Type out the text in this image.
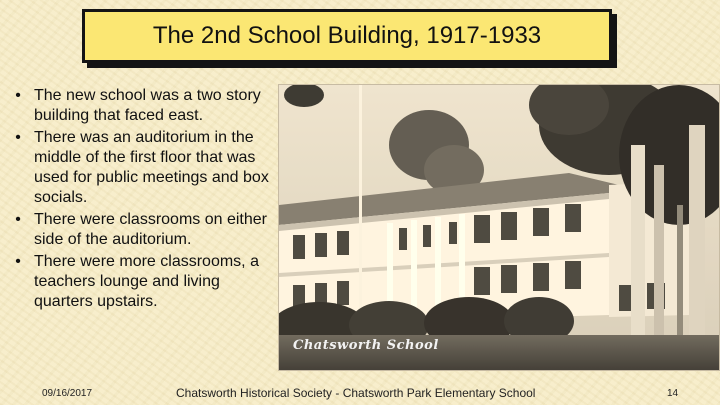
The 2nd School Building, 1917-1933
• The new school was a two story building that faced east.
• There was an auditorium in the middle of the first floor that was used for public meetings and box socials.
• There were classrooms on either side of the auditorium.
• There were more classrooms, a teachers lounge and living quarters upstairs.
Chatsworth School
09/16/2017	Chatsworth Historical Society - Chatsworth Park Elementary School	14
